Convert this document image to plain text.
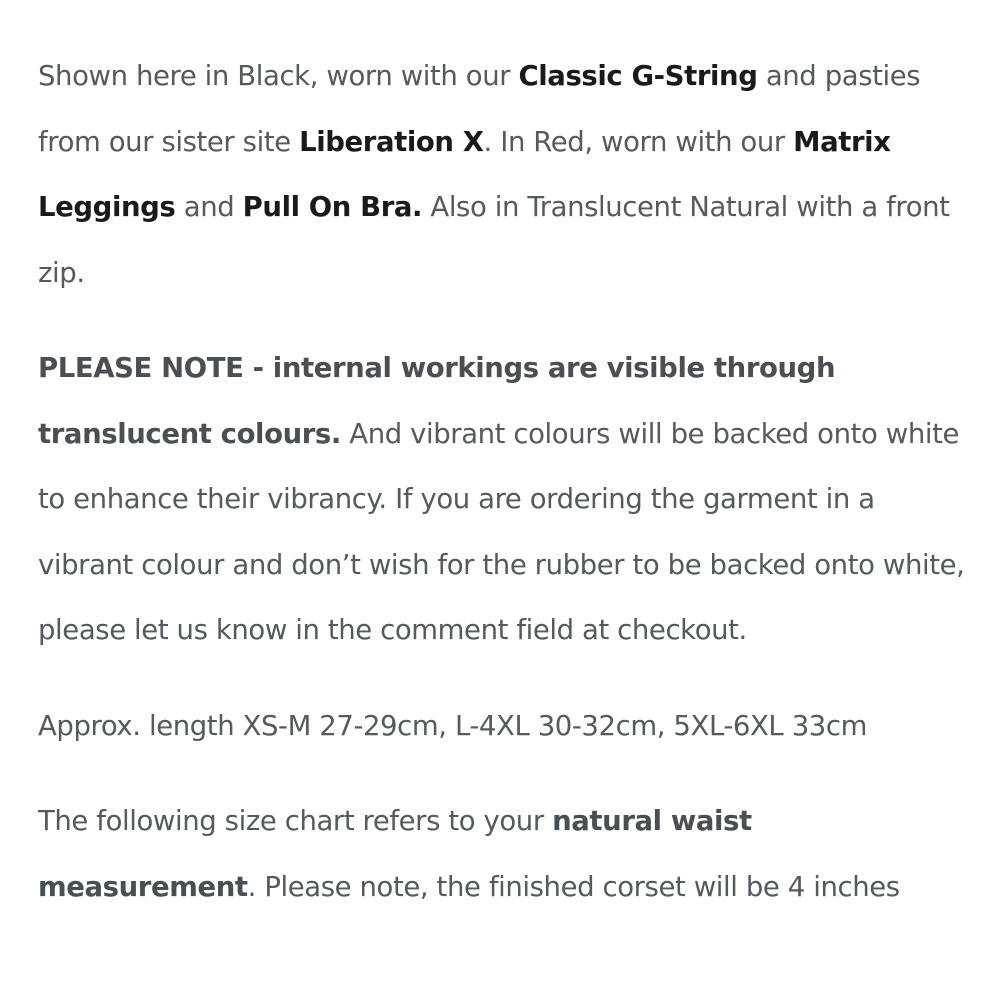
Shown here in Black, worn with our Classic G-String and pasties from our sister site Liberation X. In Red, worn with our Matrix Leggings and Pull On Bra. Also in Translucent Natural with a front zip.

PLEASE NOTE - internal workings are visible through translucent colours. And vibrant colours will be backed onto white to enhance their vibrancy. If you are ordering the garment in a vibrant colour and don’t wish for the rubber to be backed onto white, please let us know in the comment field at checkout.

Approx. length XS-M 27-29cm, L-4XL 30-32cm, 5XL-6XL 33cm

The following size chart refers to your natural waist measurement. Please note, the finished corset will be 4 inches
